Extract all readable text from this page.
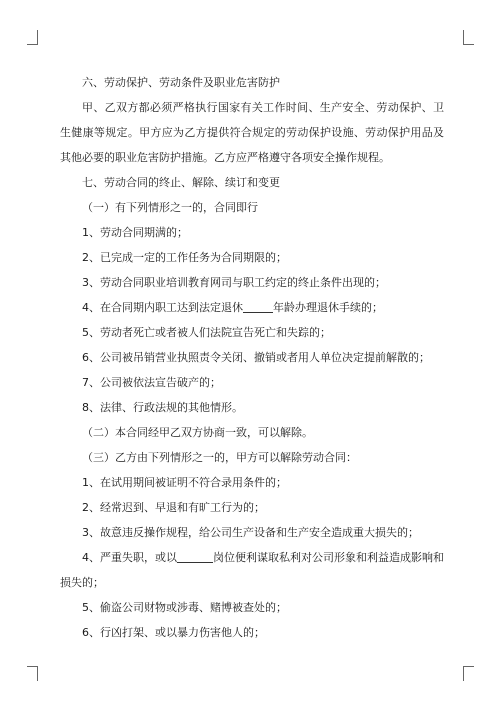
六、劳动保护、劳动条件及职业危害防护

甲、乙双方都必须严格执行国家有关工作时间、生产安全、劳动保护、卫生健康等规定。甲方应为乙方提供符合规定的劳动保护设施、劳动保护用品及其他必要的职业危害防护措施。乙方应严格遵守各项安全操作规程。

七、劳动合同的终止、解除、续订和变更

（一）有下列情形之一的，合同即行

1、劳动合同期满的；

2、已完成一定的工作任务为合同期限的；

3、劳动合同职业培训教育网司与职工约定的终止条件出现的；

4、在合同期内职工达到法定退休	年龄办理退休手续的；

5、劳动者死亡或者被人们法院宣告死亡和失踪的；

6、公司被吊销营业执照责令关闭、撤销或者用人单位决定提前解散的；

7、公司被依法宣告破产的；

8、法律、行政法规的其他情形。

（二）本合同经甲乙双方协商一致，可以解除。

（三）乙方由下列情形之一的，甲方可以解除劳动合同：

1、在试用期间被证明不符合录用条件的；

2、经常迟到、早退和有旷工行为的；

3、故意违反操作规程，给公司生产设备和生产安全造成重大损失的；

4、严重失职，或以	岗位便利谋取私利对公司形象和利益造成影响和损失的；

5、偷盗公司财物或涉毒、赌博被查处的；

6、行凶打架、或以暴力伤害他人的；
